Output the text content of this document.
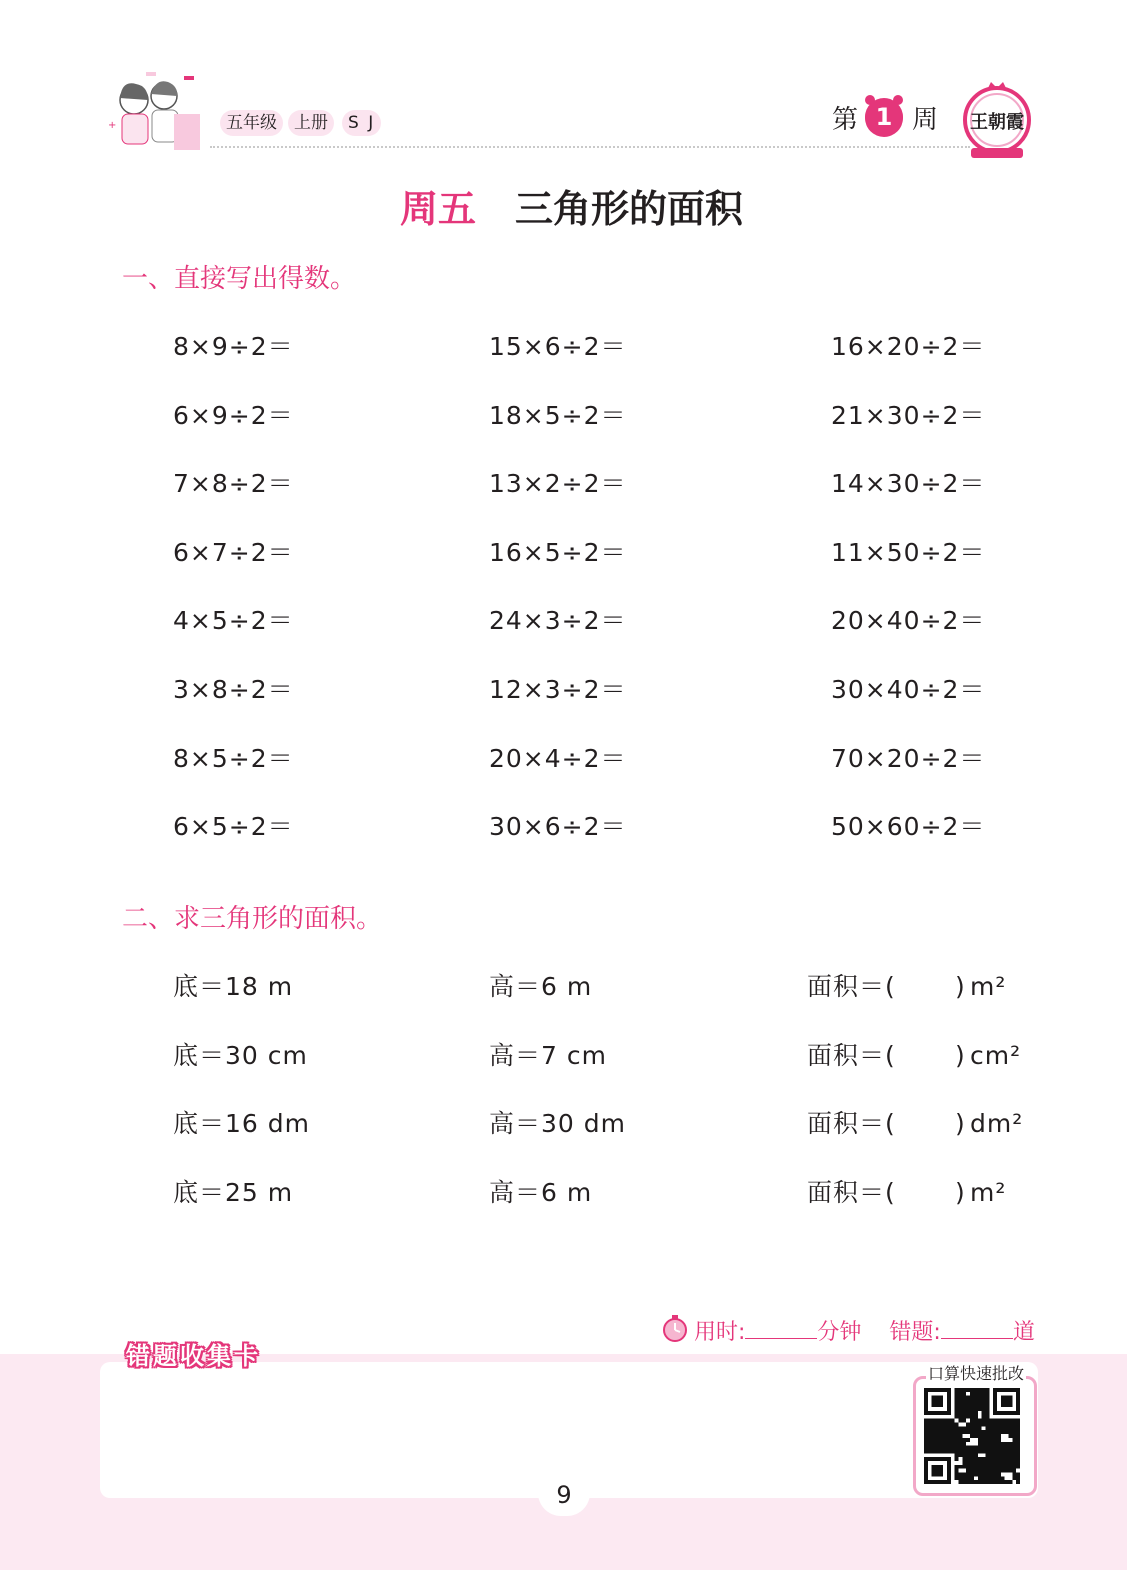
+	五年级	上册	S J	第 1 周 王朝霞
周五 三角形的面积
一、直接写出得数。
8×9÷2＝	15×6÷2＝	16×20÷2＝
6×9÷2＝	18×5÷2＝	21×30÷2＝
7×8÷2＝	13×2÷2＝	14×30÷2＝
6×7÷2＝	16×5÷2＝	11×50÷2＝
4×5÷2＝	24×3÷2＝	20×40÷2＝
3×8÷2＝	12×3÷2＝	30×40÷2＝
8×5÷2＝	20×4÷2＝	70×20÷2＝
6×5÷2＝	30×6÷2＝	50×60÷2＝
二、求三角形的面积。
底＝18 m	高＝6 m	面积＝( ) m²
底＝30 cm	高＝7 cm	面积＝( ) cm²
底＝16 dm	高＝30 dm	面积＝( ) dm²
底＝25 m	高＝6 m	面积＝( ) m²
用时:	分钟 错题:	道
错题收集卡
口算快速批改
9
